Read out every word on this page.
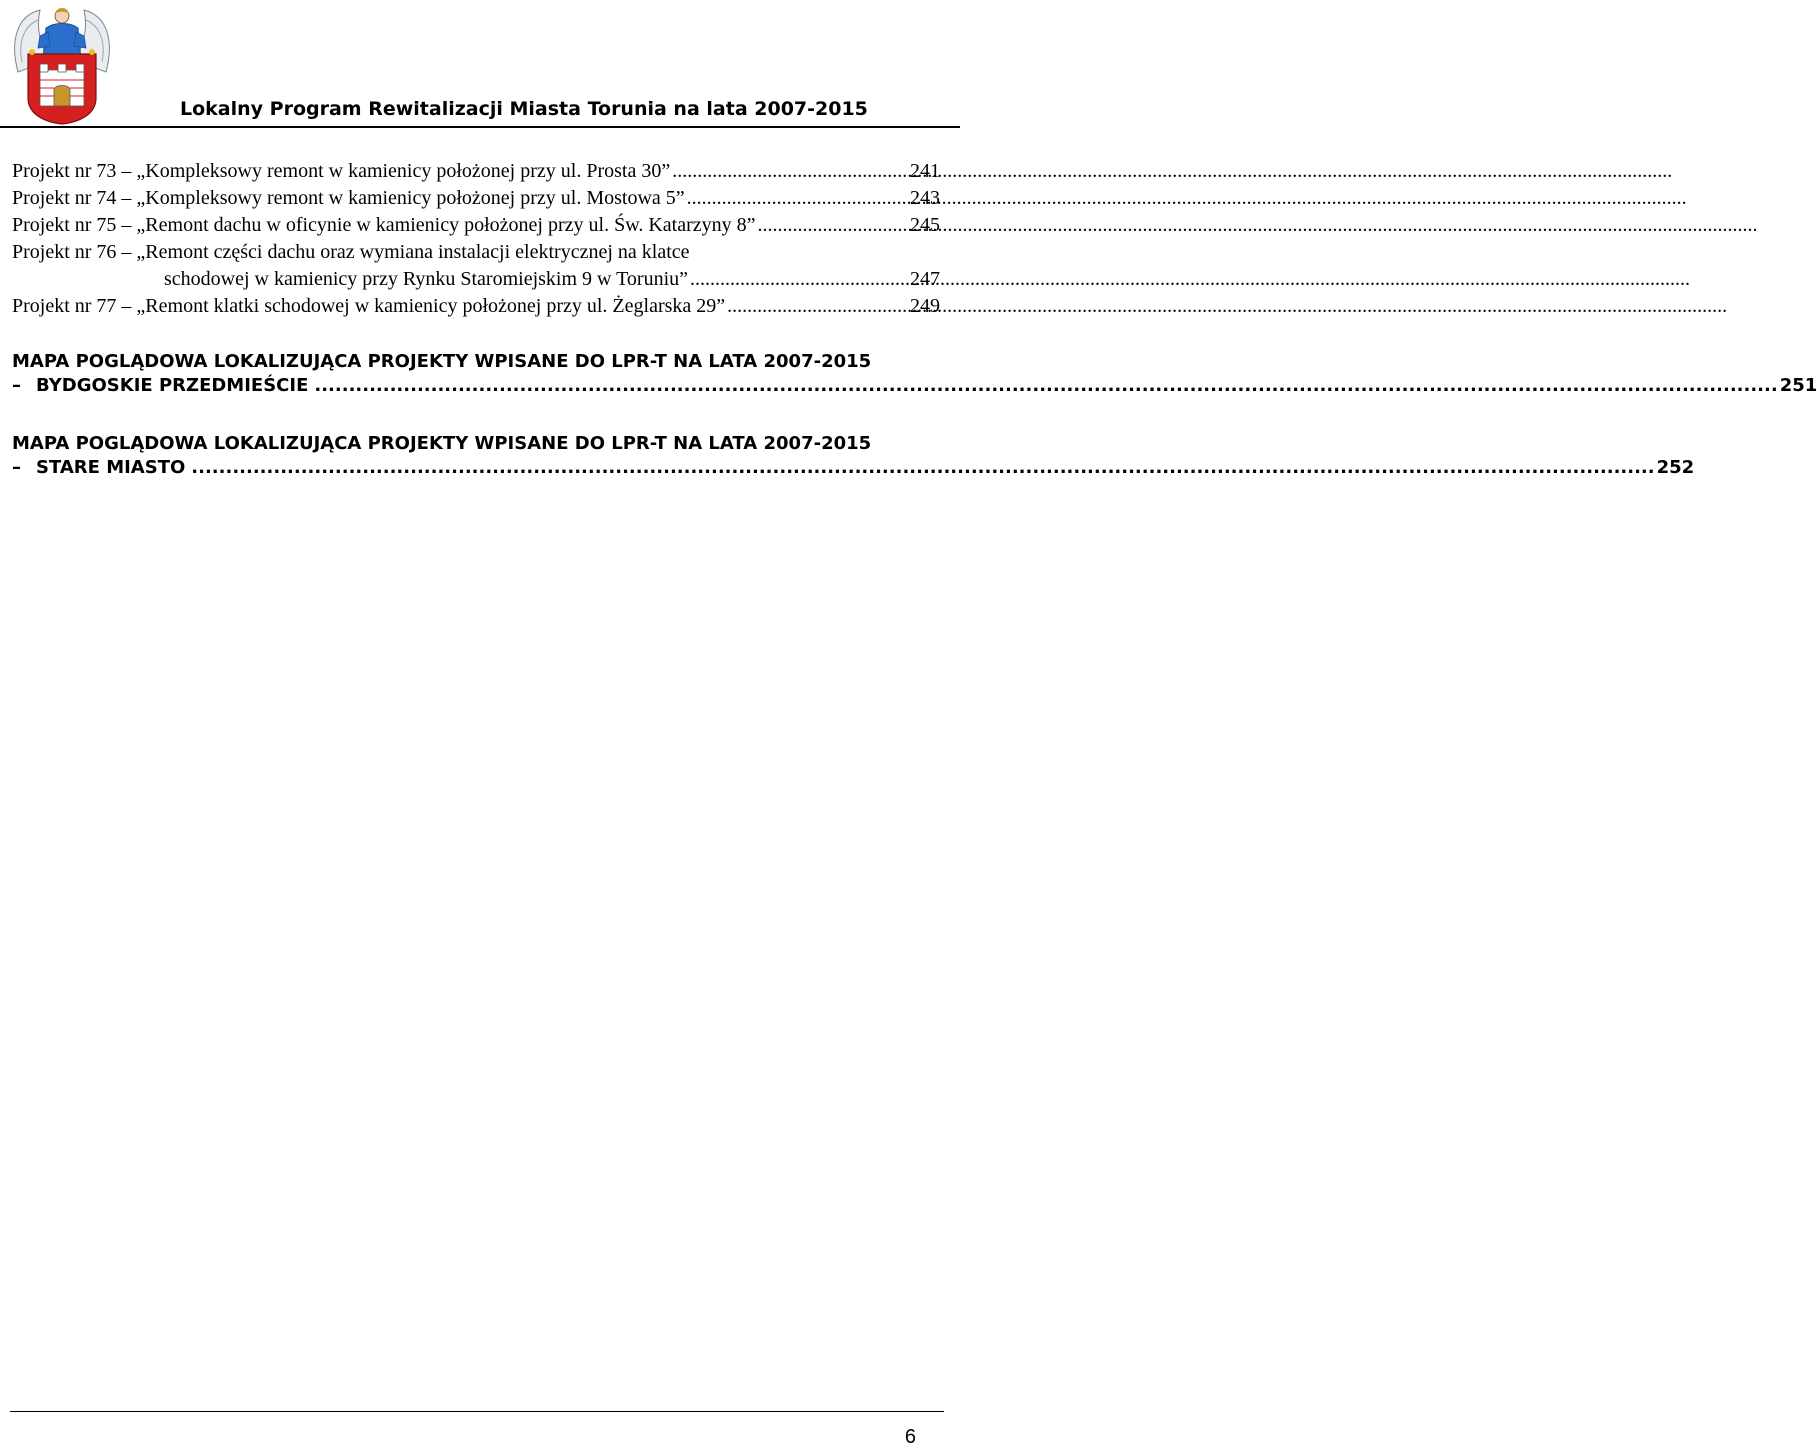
Lokalny Program Rewitalizacji Miasta Torunia na lata 2007-2015
Projekt nr 73 – „Kompleksowy remont w kamienicy położonej przy ul. Prosta 30” .....	241
Projekt nr 74 – „Kompleksowy remont w kamienicy położonej przy ul. Mostowa 5” .....	243
Projekt nr 75 – „Remont dachu w oficynie w kamienicy położonej przy ul. Św. Katarzyny 8” .....	245
Projekt nr 76 – „Remont części dachu oraz wymiana instalacji elektrycznej na klatce
schodowej w kamienicy przy Rynku Staromiejskim 9 w Toruniu” .....	247
Projekt nr 77 – „Remont klatki schodowej w kamienicy położonej przy ul. Żeglarska 29” .....	249
MAPA POGLĄDOWA LOKALIZUJĄCA PROJEKTY WPISANE DO LPR-T NA LATA 2007-2015
– BYDGOSKIE PRZEDMIEŚCIE .....	251
MAPA POGLĄDOWA LOKALIZUJĄCA PROJEKTY WPISANE DO LPR-T NA LATA 2007-2015
– STARE MIASTO .....	252
6
